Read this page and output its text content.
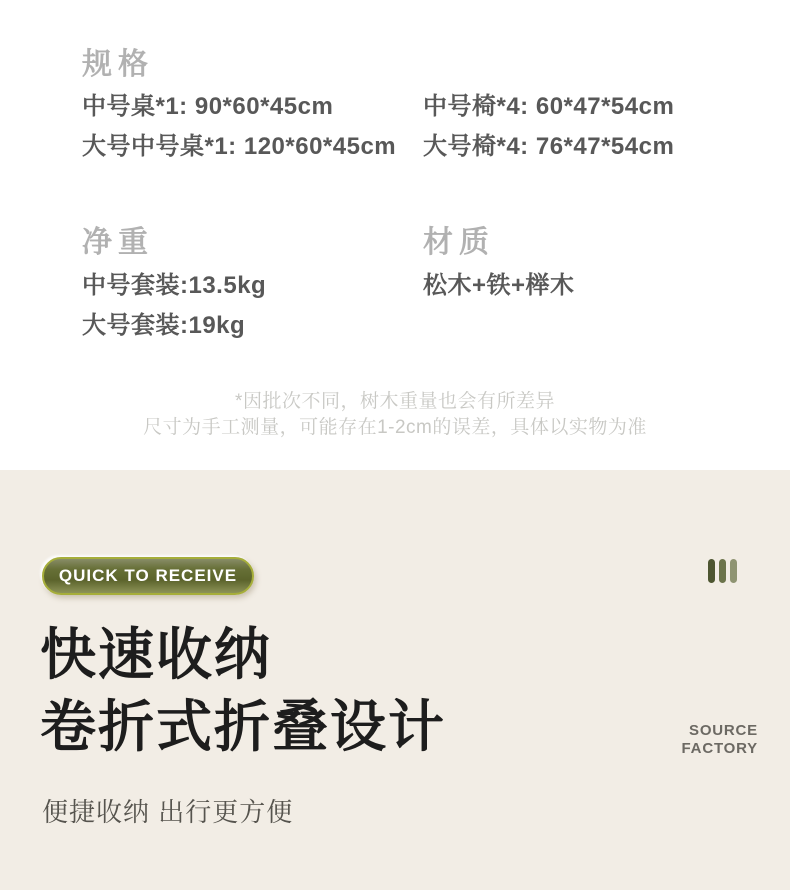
规格
中号桌*1: 90*60*45cm	中号椅*4: 60*47*54cm
大号中号桌*1: 120*60*45cm 大号椅*4: 76*47*54cm
净重
中号套装:13.5kg
大号套装:19kg
材质
松木+铁+榉木
*因批次不同，树木重量也会有所差异
尺寸为手工测量，可能存在1-2cm的误差，具体以实物为准
QUICK TO RECEIVE
快速收纳
卷折式折叠设计	SOURCE
FACTORY
便捷收纳 出行更方便
